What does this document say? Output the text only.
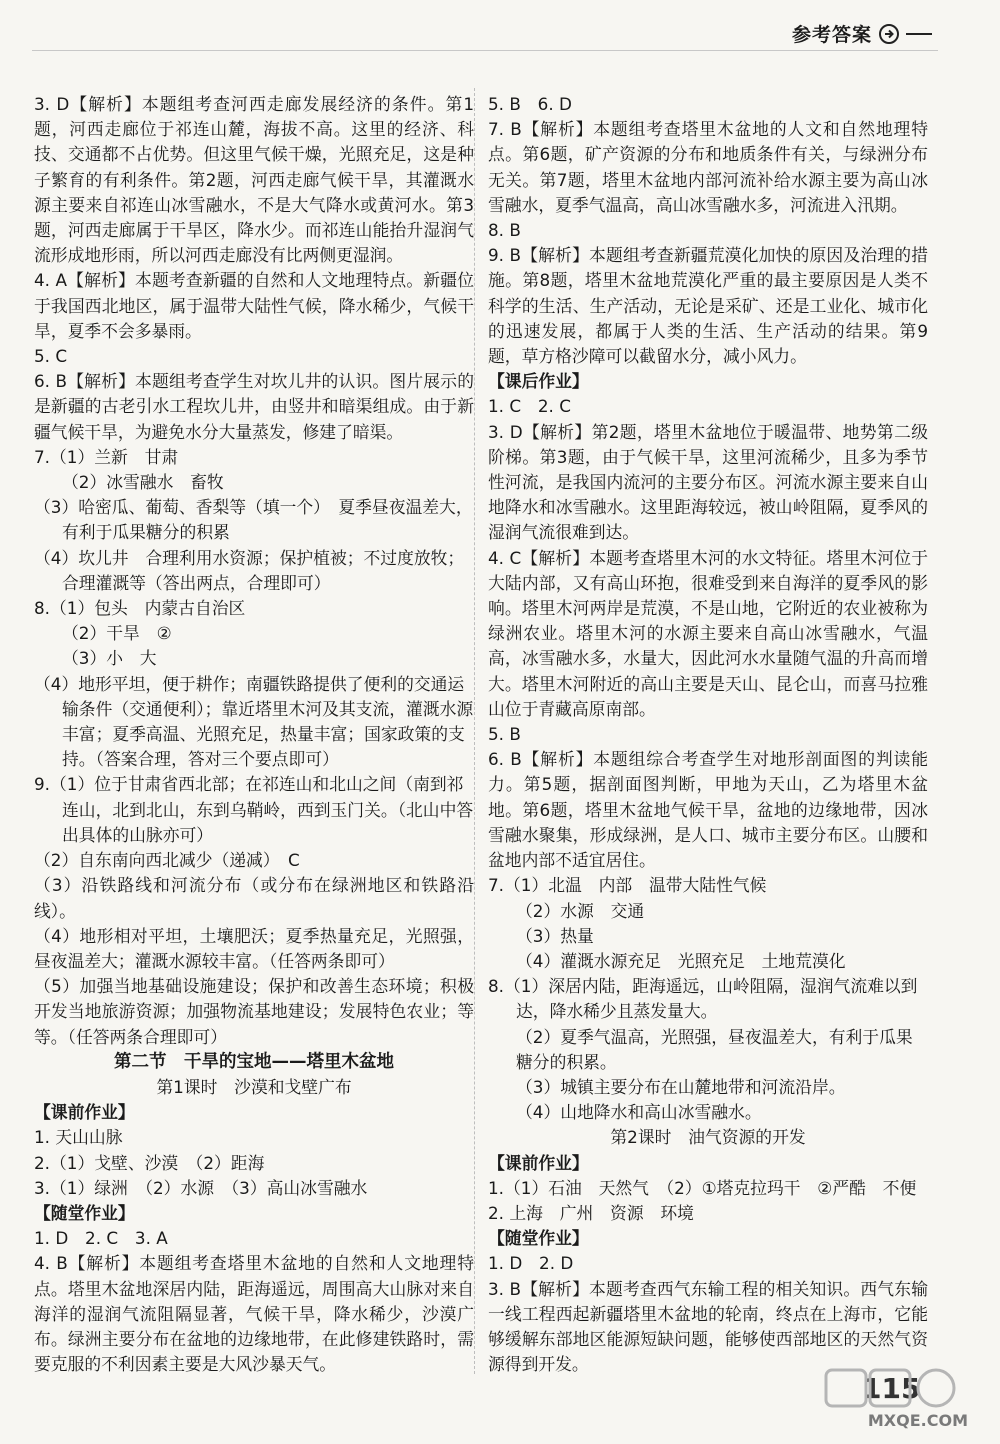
参考答案
3. D【解析】本题组考查河西走廊发展经济的条件。第1题，河西走廊位于祁连山麓，海拔不高。这里的经济、科技、交通都不占优势。但这里气候干燥，光照充足，这是种子繁育的有利条件。第2题，河西走廊气候干旱，其灌溉水源主要来自祁连山冰雪融水，不是大气降水或黄河水。第3题，河西走廊属于干旱区，降水少。而祁连山能抬升湿润气流形成地形雨，所以河西走廊没有比两侧更湿润。
4. A【解析】本题考查新疆的自然和人文地理特点。新疆位于我国西北地区，属于温带大陆性气候，降水稀少，气候干旱，夏季不会多暴雨。
5. C
6. B【解析】本题组考查学生对坎儿井的认识。图片展示的是新疆的古老引水工程坎儿井，由竖井和暗渠组成。由于新疆气候干旱，为避免水分大量蒸发，修建了暗渠。
7.（1）兰新　甘肃
（2）冰雪融水　畜牧
（3）哈密瓜、葡萄、香梨等（填一个）　夏季昼夜温差大，有利于瓜果糖分的积累
（4）坎儿井　合理利用水资源；保护植被；不过度放牧；合理灌溉等（答出两点，合理即可）
8.（1）包头　内蒙古自治区
（2）干旱　②
（3）小　大
（4）地形平坦，便于耕作；南疆铁路提供了便利的交通运输条件（交通便利）；靠近塔里木河及其支流，灌溉水源丰富；夏季高温、光照充足，热量丰富；国家政策的支持。（答案合理，答对三个要点即可）
9.（1）位于甘肃省西北部；在祁连山和北山之间（南到祁连山，北到北山，东到乌鞘岭，西到玉门关。（北山中答出具体的山脉亦可）
（2）自东南向西北减少（递减）　C
（3）沿铁路线和河流分布（或分布在绿洲地区和铁路沿线）。
（4）地形相对平坦，土壤肥沃；夏季热量充足，光照强，昼夜温差大；灌溉水源较丰富。（任答两条即可）
（5）加强当地基础设施建设；保护和改善生态环境；积极开发当地旅游资源；加强物流基地建设；发展特色农业；等等。（任答两条合理即可）
第二节　干旱的宝地——塔里木盆地
第1课时　沙漠和戈壁广布
【课前作业】
1. 天山山脉
2.（1）戈壁、沙漠　（2）距海
3.（1）绿洲　（2）水源　（3）高山冰雪融水
【随堂作业】
1. D　2. C　3. A
4. B【解析】本题组考查塔里木盆地的自然和人文地理特点。塔里木盆地深居内陆，距海遥远，周围高大山脉对来自海洋的湿润气流阻隔显著，气候干旱，降水稀少，沙漠广布。绿洲主要分布在盆地的边缘地带，在此修建铁路时，需要克服的不利因素主要是大风沙暴天气。
5. B　6. D
7. B【解析】本题组考查塔里木盆地的人文和自然地理特点。第6题，矿产资源的分布和地质条件有关，与绿洲分布无关。第7题，塔里木盆地内部河流补给水源主要为高山冰雪融水，夏季气温高，高山冰雪融水多，河流进入汛期。
8. B
9. B【解析】本题组考查新疆荒漠化加快的原因及治理的措施。第8题，塔里木盆地荒漠化严重的最主要原因是人类不科学的生活、生产活动，无论是采矿、还是工业化、城市化的迅速发展，都属于人类的生活、生产活动的结果。第9题，草方格沙障可以截留水分，减小风力。
【课后作业】
1. C　2. C
3. D【解析】第2题，塔里木盆地位于暖温带、地势第二级阶梯。第3题，由于气候干旱，这里河流稀少，且多为季节性河流，是我国内流河的主要分布区。河流水源主要来自山地降水和冰雪融水。这里距海较远，被山岭阻隔，夏季风的湿润气流很难到达。
4. C【解析】本题考查塔里木河的水文特征。塔里木河位于大陆内部，又有高山环抱，很难受到来自海洋的夏季风的影响。塔里木河两岸是荒漠，不是山地，它附近的农业被称为绿洲农业。塔里木河的水源主要来自高山冰雪融水，气温高，冰雪融水多，水量大，因此河水水量随气温的升高而增大。塔里木河附近的高山主要是天山、昆仑山，而喜马拉雅山位于青藏高原南部。
5. B
6. B【解析】本题组综合考查学生对地形剖面图的判读能力。第5题，据剖面图判断，甲地为天山，乙为塔里木盆地。第6题，塔里木盆地气候干旱，盆地的边缘地带，因冰雪融水聚集，形成绿洲，是人口、城市主要分布区。山腰和盆地内部不适宜居住。
7.（1）北温　内部　温带大陆性气候
（2）水源　交通
（3）热量
（4）灌溉水源充足　光照充足　土地荒漠化
8.（1）深居内陆，距海遥远，山岭阻隔，湿润气流难以到达，降水稀少且蒸发量大。
（2）夏季气温高，光照强，昼夜温差大，有利于瓜果糖分的积累。
（3）城镇主要分布在山麓地带和河流沿岸。
（4）山地降水和高山冰雪融水。
第2课时　油气资源的开发
【课前作业】
1.（1）石油　天然气　（2）①塔克拉玛干　②严酷　不便
2. 上海　广州　资源　环境
【随堂作业】
1. D　2. D
3. B【解析】本题考查西气东输工程的相关知识。西气东输一线工程西起新疆塔里木盆地的轮南，终点在上海市，它能够缓解东部地区能源短缺问题，能够使西部地区的天然气资源得到开发。
115
MXQE.COM
